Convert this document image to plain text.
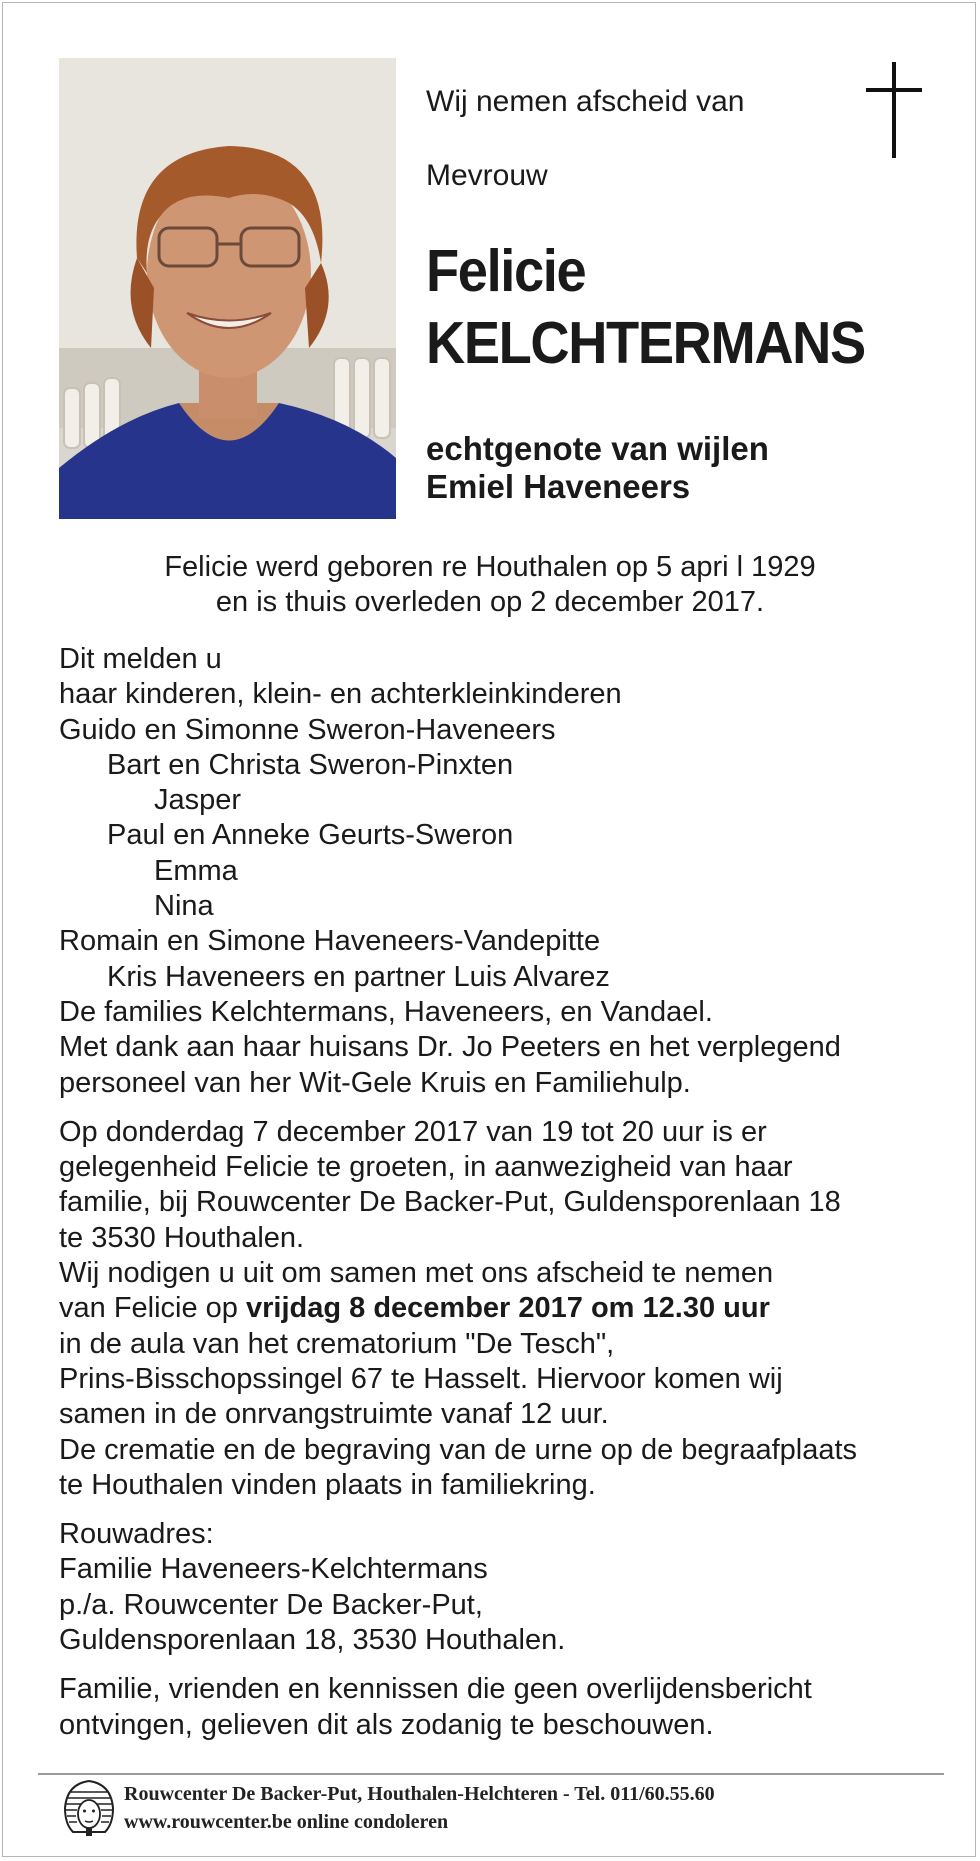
Wij nemen afscheid van
Mevrouw
Felicie
KELCHTERMANS
echtgenote van wijlen
Emiel Haveneers
Felicie werd geboren re Houthalen op 5 apri l 1929
en is thuis overleden op 2 december 2017.
Dit melden u
haar kinderen, klein- en achterkleinkinderen
Guido en Simonne Sweron-Haveneers
Bart en Christa Sweron-Pinxten
Jasper
Paul en Anneke Geurts-Sweron
Emma
Nina
Romain en Simone Haveneers-Vandepitte
Kris Haveneers en partner Luis Alvarez
De families Kelchtermans, Haveneers, en Vandael.
Met dank aan haar huisans Dr. Jo Peeters en het verplegend
personeel van her Wit-Gele Kruis en Familiehulp.
Op donderdag 7 december 2017 van 19 tot 20 uur is er
gelegenheid Felicie te groeten, in aanwezigheid van haar
familie, bij Rouwcenter De Backer-Put, Guldensporenlaan 18
te 3530 Houthalen.
Wij nodigen u uit om samen met ons afscheid te nemen
van Felicie op vrijdag 8 december 2017 om 12.30 uur
in de aula van het crematorium "De Tesch",
Prins-Bisschopssingel 67 te Hasselt. Hiervoor komen wij
samen in de onrvangstruimte vanaf 12 uur.
De crematie en de begraving van de urne op de begraafplaats
te Houthalen vinden plaats in familiekring.
Rouwadres:
Familie Haveneers-Kelchtermans
p./a. Rouwcenter De Backer-Put,
Guldensporenlaan 18, 3530 Houthalen.
Familie, vrienden en kennissen die geen overlijdensbericht
ontvingen, gelieven dit als zodanig te beschouwen.
Rouwcenter De Backer-Put, Houthalen-Helchteren - Tel. 011/60.55.60
www.rouwcenter.be online condoleren
